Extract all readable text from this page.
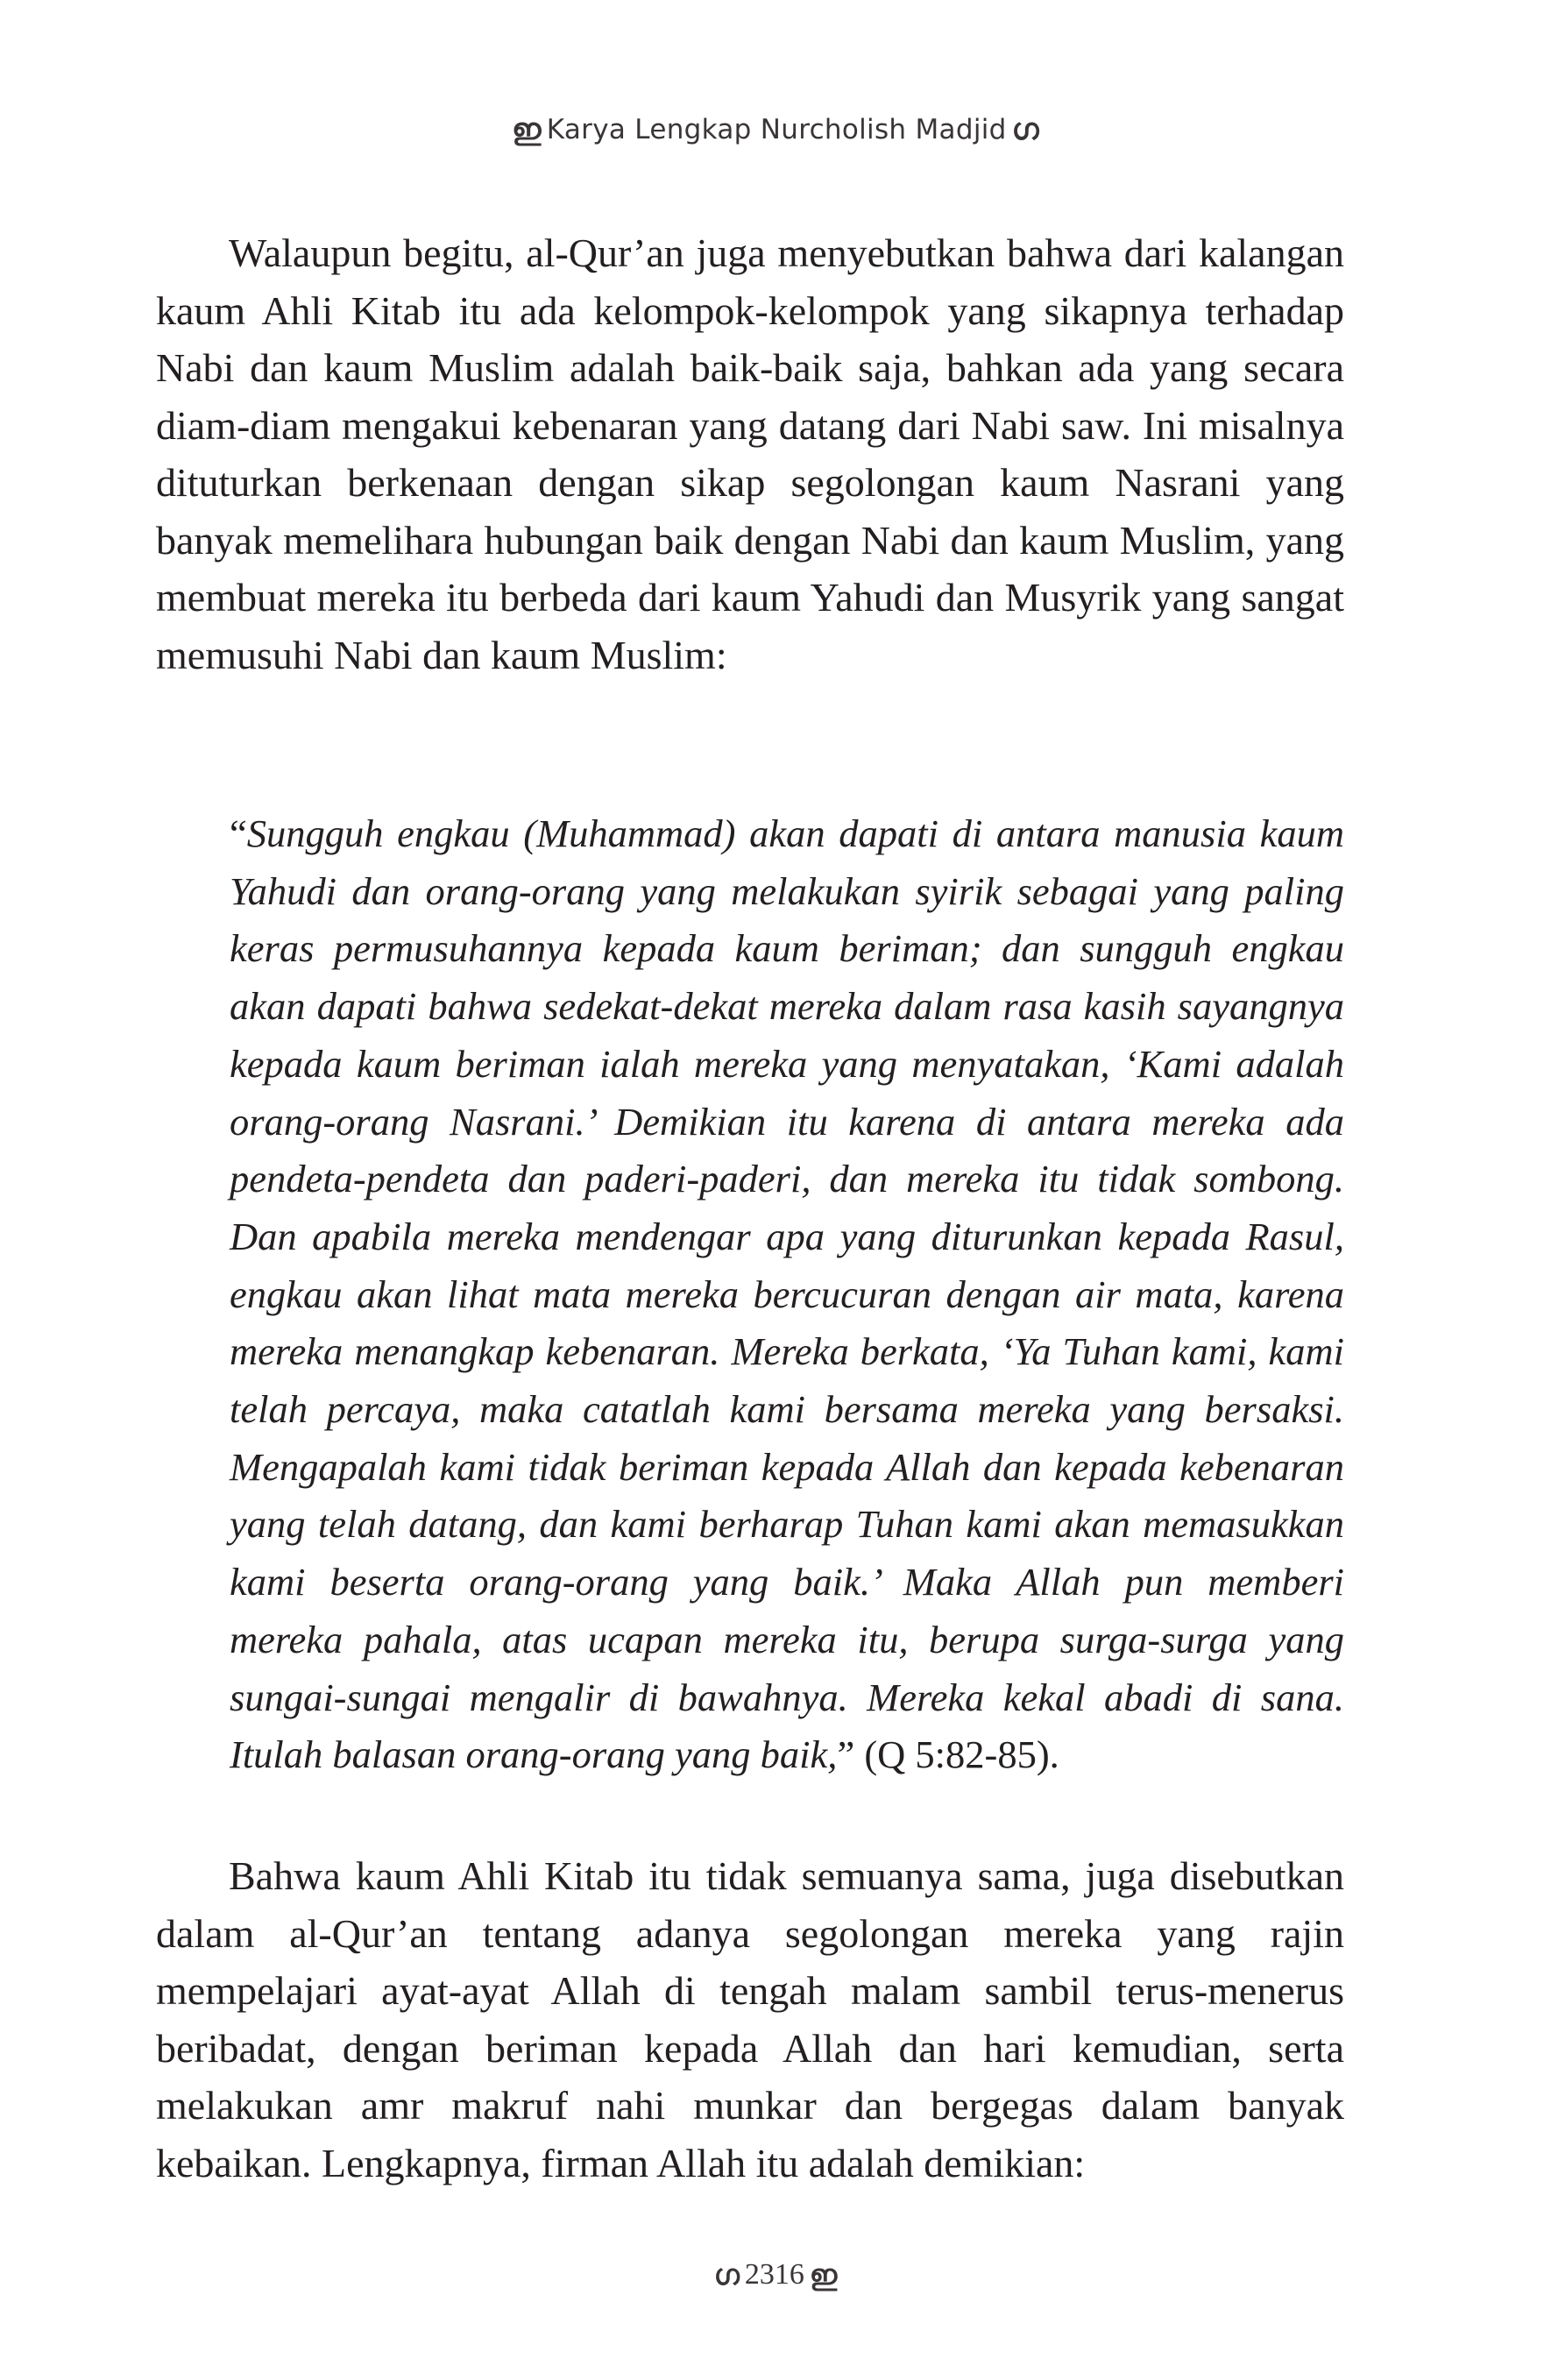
ഇ Karya Lengkap Nurcholish Madjid ഗ

Walaupun begitu, al-Qur’an juga menyebutkan bahwa dari kalangan kaum Ahli Kitab itu ada kelompok-kelompok yang sikapnya terhadap Nabi dan kaum Muslim adalah baik-baik saja, bahkan ada yang secara diam-diam mengakui kebenaran yang datang dari Nabi saw. Ini misalnya dituturkan berkenaan dengan sikap segolongan kaum Nasrani yang banyak memelihara hubungan baik dengan Nabi dan kaum Muslim, yang membuat mereka itu berbeda dari kaum Yahudi dan Musyrik yang sangat memusuhi Nabi dan kaum Muslim:

“Sungguh engkau (Muhammad) akan dapati di antara manusia kaum Yahudi dan orang-orang yang melakukan syirik sebagai yang paling keras permusuhannya kepada kaum beriman; dan sungguh engkau akan dapati bahwa sedekat-dekat mereka dalam rasa kasih sayangnya kepada kaum beriman ialah mereka yang menyatakan, ‘Kami adalah orang-orang Nasrani.’ Demikian itu karena di antara mereka ada pendeta-pendeta dan paderi-paderi, dan mereka itu tidak sombong. Dan apabila mereka mendengar apa yang diturunkan kepada Rasul, engkau akan lihat mata mereka bercucuran dengan air mata, karena mereka menangkap kebenaran. Mereka berkata, ‘Ya Tuhan kami, kami telah percaya, maka catatlah kami bersama mereka yang bersaksi. Mengapalah kami tidak beriman kepada Allah dan kepada kebenaran yang telah datang, dan kami berharap Tuhan kami akan memasukkan kami beserta orang-orang yang baik.’ Maka Allah pun memberi mereka pahala, atas ucapan mereka itu, berupa surga-surga yang sungai-sungai mengalir di bawahnya. Mereka kekal abadi di sana. Itulah balasan orang-orang yang baik,” (Q 5:82-85).

Bahwa kaum Ahli Kitab itu tidak semuanya sama, juga disebutkan dalam al-Qur’an tentang adanya segolongan mereka yang rajin mempelajari ayat-ayat Allah di tengah malam sambil terus-menerus beribadat, dengan beriman kepada Allah dan hari kemudian, serta melakukan amr makruf nahi munkar dan bergegas dalam banyak kebaikan. Lengkapnya, firman Allah itu adalah demikian:

ഗ 2316 ഇ
